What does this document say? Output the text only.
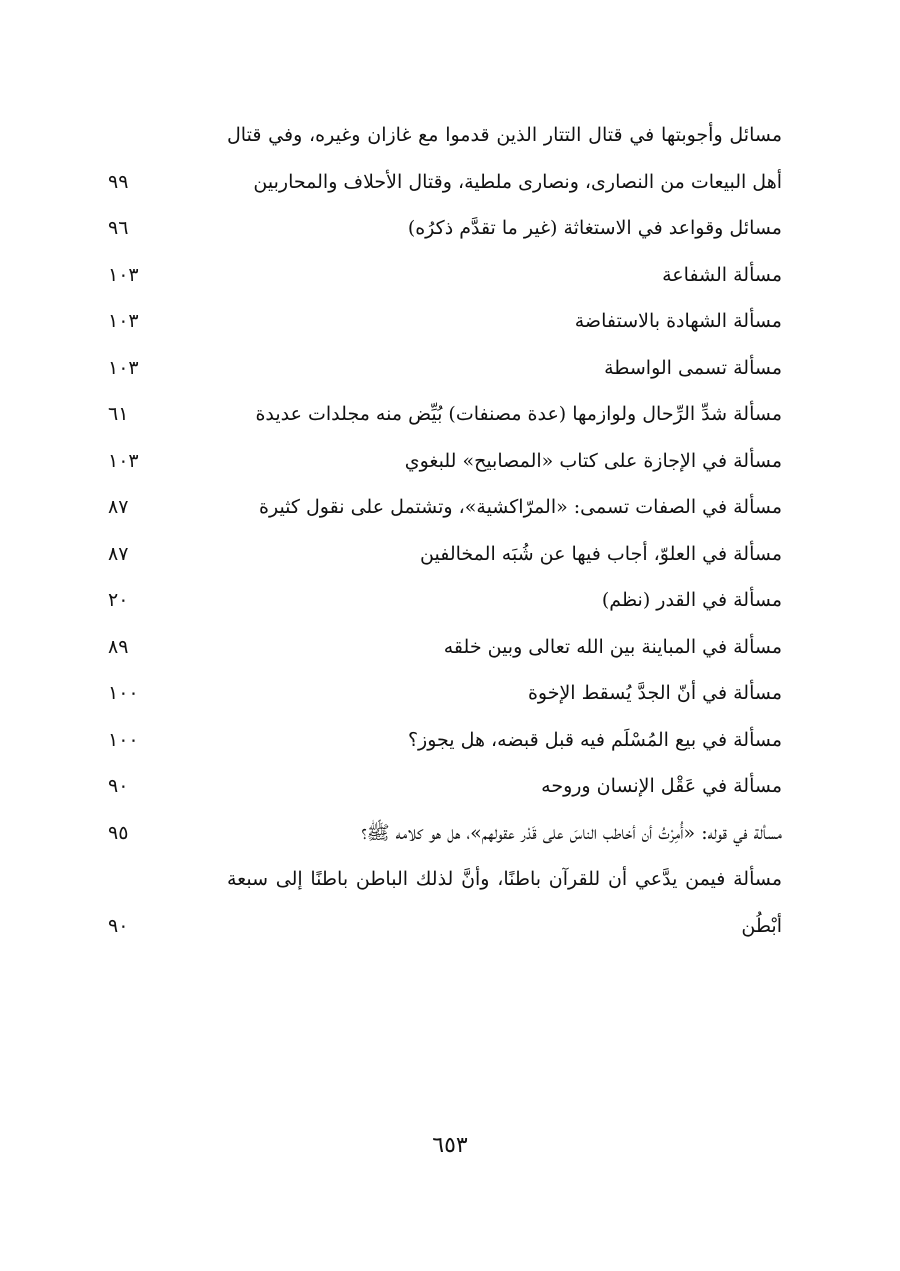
مسائل وأجوبتها في قتال التتار الذين قدموا مع غازان وغيره، وفي قتال أهل البيعات من النصارى، ونصارى ملطية، وقتال الأحلاف والمحاربين
٩٩
مسائل وقواعد في الاستغاثة (غير ما تقدَّم ذكرُه)
٩٦
مسألة الشفاعة
١٠٣
مسألة الشهادة بالاستفاضة
١٠٣
مسألة تسمى الواسطة
١٠٣
مسألة شدِّ الرِّحال ولوازمها (عدة مصنفات) بُيِّض منه مجلدات عديدة
٦١
مسألة في الإجازة على كتاب «المصابيح» للبغوي
١٠٣
مسألة في الصفات تسمى: «المرّاكشية»، وتشتمل على نقول كثيرة
٨٧
مسألة في العلوّ، أجاب فيها عن شُبَه المخالفين
٨٧
مسألة في القدر (نظم)
٢٠
مسألة في المباينة بين الله تعالى وبين خلقه
٨٩
مسألة في أنّ الجدَّ يُسقط الإخوة
١٠٠
مسألة في بيع المُسْلَم فيه قبل قبضه، هل يجوز؟
١٠٠
مسألة في عَقْل الإنسان وروحه
٩٠
مسألة في قوله: «أُمِرْتُ أن أخاطب الناسَ على قَدْر عقولهم»، هل هو كلامه ﷺ؟
٩٥
مسألة فيمن يدَّعي أن للقرآن باطنًا، وأنَّ لذلك الباطن باطنًا إلى سبعة أبْطُن
٩٠
٦٥٣
